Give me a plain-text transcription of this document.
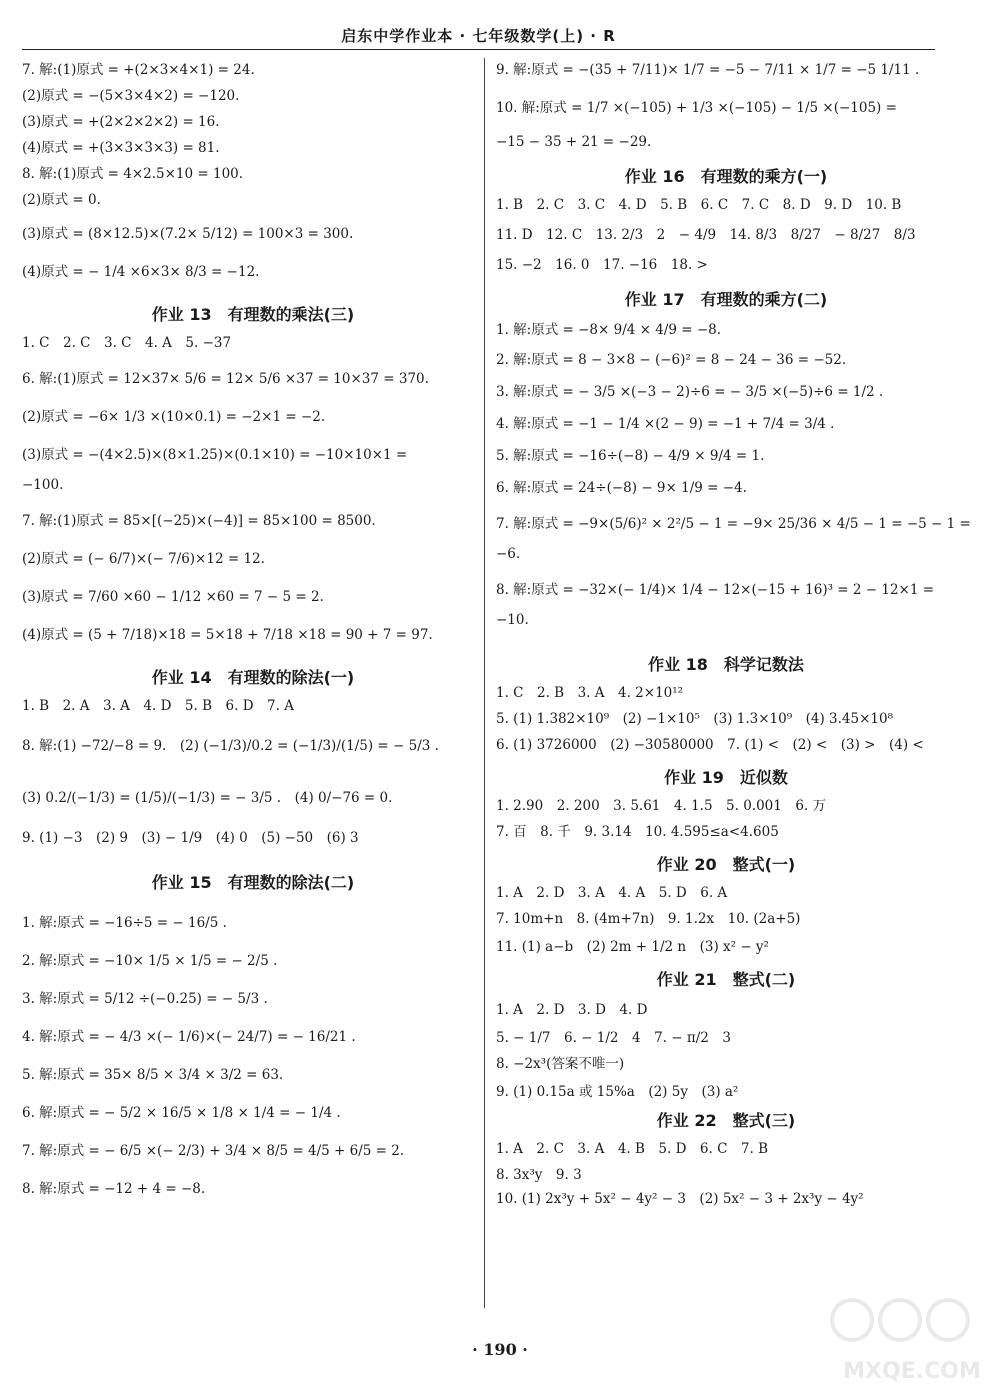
启东中学作业本 · 七年级数学(上) · R
7. 解:(1)原式 = +(2×3×4×1) = 24.
(2)原式 = −(5×3×4×2) = −120.
(3)原式 = +(2×2×2×2) = 16.
(4)原式 = +(3×3×3×3) = 81.
8. 解:(1)原式 = 4×2.5×10 = 100.
(2)原式 = 0.
(3)原式 = (8×12.5)×(7.2× 5/12) = 100×3 = 300.
(4)原式 = − 1/4 ×6×3× 8/3 = −12.
作业 13　有理数的乘法(三)
1. C　2. C　3. C　4. A　5. −37
6. 解:(1)原式 = 12×37× 5/6 = 12× 5/6 ×37 = 10×37 = 370.
(2)原式 = −6× 1/3 ×(10×0.1) = −2×1 = −2.
(3)原式 = −(4×2.5)×(8×1.25)×(0.1×10) = −10×10×1 =
−100.
7. 解:(1)原式 = 85×[(−25)×(−4)] = 85×100 = 8500.
(2)原式 = (− 6/7)×(− 7/6)×12 = 12.
(3)原式 = 7/60 ×60 − 1/12 ×60 = 7 − 5 = 2.
(4)原式 = (5 + 7/18)×18 = 5×18 + 7/18 ×18 = 90 + 7 = 97.
作业 14　有理数的除法(一)
1. B　2. A　3. A　4. D　5. B　6. D　7. A
8. 解:(1) −72/−8 = 9.　(2) (−1/3)/0.2 = (−1/3)/(1/5) = − 5/3 .
(3) 0.2/(−1/3) = (1/5)/(−1/3) = − 3/5 .　(4) 0/−76 = 0.
9. (1) −3　(2) 9　(3) − 1/9　(4) 0　(5) −50　(6) 3
作业 15　有理数的除法(二)
1. 解:原式 = −16÷5 = − 16/5 .
2. 解:原式 = −10× 1/5 × 1/5 = − 2/5 .
3. 解:原式 = 5/12 ÷(−0.25) = − 5/3 .
4. 解:原式 = − 4/3 ×(− 1/6)×(− 24/7) = − 16/21 .
5. 解:原式 = 35× 8/5 × 3/4 × 3/2 = 63.
6. 解:原式 = − 5/2 × 16/5 × 1/8 × 1/4 = − 1/4 .
7. 解:原式 = − 6/5 ×(− 2/3) + 3/4 × 8/5 = 4/5 + 6/5 = 2.
8. 解:原式 = −12 + 4 = −8.
9. 解:原式 = −(35 + 7/11)× 1/7 = −5 − 7/11 × 1/7 = −5 1/11 .
10. 解:原式 = 1/7 ×(−105) + 1/3 ×(−105) − 1/5 ×(−105) =
−15 − 35 + 21 = −29.
作业 16　有理数的乘方(一)
1. B　2. C　3. C　4. D　5. B　6. C　7. C　8. D　9. D　10. B
11. D　12. C　13. 2/3　2　− 4/9　14. 8/3　8/27　− 8/27　8/3
15. −2　16. 0　17. −16　18. >
作业 17　有理数的乘方(二)
1. 解:原式 = −8× 9/4 × 4/9 = −8.
2. 解:原式 = 8 − 3×8 − (−6)² = 8 − 24 − 36 = −52.
3. 解:原式 = − 3/5 ×(−3 − 2)÷6 = − 3/5 ×(−5)÷6 = 1/2 .
4. 解:原式 = −1 − 1/4 ×(2 − 9) = −1 + 7/4 = 3/4 .
5. 解:原式 = −16÷(−8) − 4/9 × 9/4 = 1.
6. 解:原式 = 24÷(−8) − 9× 1/9 = −4.
7. 解:原式 = −9×(5/6)² × 2²/5 − 1 = −9× 25/36 × 4/5 − 1 = −5 − 1 =
−6.
8. 解:原式 = −32×(− 1/4)× 1/4 − 12×(−15 + 16)³ = 2 − 12×1 =
−10.
作业 18　科学记数法
1. C　2. B　3. A　4. 2×10¹²
5. (1) 1.382×10⁹　(2) −1×10⁵　(3) 1.3×10⁹　(4) 3.45×10⁸
6. (1) 3726000　(2) −30580000　7. (1) <　(2) <　(3) >　(4) <
作业 19　近似数
1. 2.90　2. 200　3. 5.61　4. 1.5　5. 0.001　6. 万
7. 百　8. 千　9. 3.14　10. 4.595≤a<4.605
作业 20　整式(一)
1. A　2. D　3. A　4. A　5. D　6. A
7. 10m+n　8. (4m+7n)　9. 1.2x　10. (2a+5)
11. (1) a−b　(2) 2m + 1/2 n　(3) x² − y²
作业 21　整式(二)
1. A　2. D　3. D　4. D
5. − 1/7　6. − 1/2　4　7. − π/2　3
8. −2x³(答案不唯一)
9. (1) 0.15a 或 15%a　(2) 5y　(3) a²
作业 22　整式(三)
1. A　2. C　3. A　4. B　5. D　6. C　7. B
8. 3x³y　9. 3
10. (1) 2x³y + 5x² − 4y² − 3　(2) 5x² − 3 + 2x³y − 4y²
· 190 ·
MXQE.COM
